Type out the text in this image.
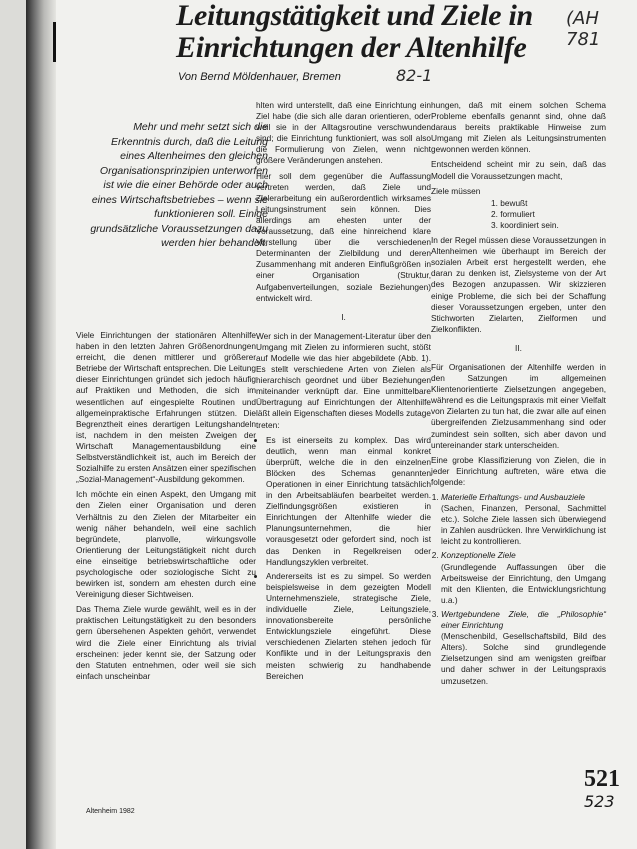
Leitungstätigkeit und Ziele in
Einrichtungen der Altenhilfe
(AH 781
Von Bernd Möldenhauer, Bremen	82-1

Mehr und mehr setzt sich die Erkenntnis durch, daß die Leitung eines Altenheimes den gleichen Organisationsprinzipien unterworfen ist wie die einer Behörde oder auch eines Wirtschaftsbetriebes – wenn sie funktionieren soll. Einige grundsätzliche Voraussetzungen dazu werden hier behandelt.

Viele Einrichtungen der stationären Altenhilfe haben in den letzten Jahren Größenordnungen erreicht, die denen mittlerer und größerer Betriebe der Wirtschaft entsprechen. Die Leitung dieser Einrichtungen gründet sich jedoch häufig auf Praktiken und Methoden, die sich im wesentlichen auf eingespielte Routinen und allgemeinpraktische Erfahrungen stützen. Die Begrenztheit eines derartigen Leitungshandeln ist, nachdem in den meisten Zweigen der Wirtschaft Managementausbildung eine Selbstverständlichkeit ist, auch im Bereich der Sozialhilfe zu ersten Ansätzen einer spezifischen „Sozial-Management“-Ausbildung gekommen.

Ich möchte ein einen Aspekt, den Umgang mit den Zielen einer Organisation und deren Verhältnis zu den Zielen der Mitarbeiter ein wenig näher behandeln, weil eine sachlich begründete, planvolle, wirkungsvolle Orientierung der Leitungstätigkeit nicht durch eine einseitige betriebswirtschaftliche oder psychologische oder soziologische Sicht zu bewirken ist, sondern am ehesten durch eine Vereinigung dieser Sichtweisen.

Das Thema Ziele wurde gewählt, weil es in der praktischen Leitungstätigkeit zu den besonders gern übersehenen Aspekten gehört, verwendet wird die Ziele einer Einrichtung als trivial erscheinen: jeder kennt sie, der Satzung oder den Statuten entnehmen, oder weil sie sich einfach unscheinbar

hlten wird unterstellt, daß eine Einrichtung ein Ziel habe (die sich alle daran orientieren, oder weil sie in der Alltagsroutine verschwunden sind; die Einrichtung funktioniert, was soll also die Formulierung von Zielen, wenn nicht größere Veränderungen anstehen.

Hier soll dem gegenüber die Auffassung vertreten werden, daß Ziele und Zielerarbeitung ein außerordentlich wirksames Leitungsinstrument sein können. Dies allerdings am ehesten unter der Voraussetzung, daß eine hinreichend klare Vorstellung über die verschiedenen Determinanten der Zielbildung und deren Zusammenhang mit anderen Einflußgrößen in einer Organisation (Struktur, Aufgabenverteilungen, soziale Beziehungen) entwickelt wird.

I.

Wer sich in der Management-Literatur über den Umgang mit Zielen zu informieren sucht, stößt auf Modelle wie das hier abgebildete (Abb. 1). Es stellt verschiedene Arten von Zielen als hierarchisch geordnet und über Beziehungen miteinander verknüpft dar. Eine unmittelbare Übertragung auf Einrichtungen der Altenhilfe läßt allein Eigenschaften dieses Modells zutage treten:

• Es ist einerseits zu komplex. Das wird deutlich, wenn man einmal konkret überprüft, welche die in den einzelnen Blöcken des Schemas genannten Operationen in einer Einrichtung tatsächlich in den Arbeitsabläufen bearbeitet werden. Zielfindungsgrößen existieren in Einrichtungen der Altenhilfe wieder die Planungsunternehmen, die hier vorausgesetzt oder gefordert sind, noch ist das Denken in Regelkreisen oder Handlungszyklen verbreitet.
• Andererseits ist es zu simpel. So werden beispielsweise in dem gezeigten Modell Unternehmensziele, strategische Ziele, individuelle Ziele, Leitungsziele, innovationsbereite persönliche Entwicklungsziele eingeführt. Diese verschiedenen Zielarten stehen jedoch für Konflikte und in der Leitungspraxis den meisten schwierig zu handhabende Bereichen

hungen, daß mit einem solchen Schema Probleme ebenfalls genannt sind, ohne daß daraus bereits praktikable Hinweise zum Umgang mit Zielen als Leitungsinstrumenten gewonnen werden können.

Entscheidend scheint mir zu sein, daß das Modell die Voraussetzungen macht,

Ziele müssen

1. bewußt
2. formuliert
3. koordiniert sein.

In der Regel müssen diese Voraussetzungen in Altenheimen wie überhaupt im Bereich der sozialen Arbeit erst hergestellt werden, ehe daran zu denken ist, Zielsysteme von der Art des Bezogen anzupassen. Wir skizzieren einige Probleme, die sich bei der Schaffung dieser Voraussetzungen ergeben, unter den Stichworten Zielarten, Zielformen und Zielkonflikten.

II.

Für Organisationen der Altenhilfe werden in den Satzungen im allgemeinen Klientenorientierte Zielsetzungen angegeben, während es die Leitungspraxis mit einer Vielfalt von Zielarten zu tun hat, die zwar alle auf einen übergreifenden Zielzusammenhang sind oder zumindest sein sollten, sich aber davon und untereinander stark unterscheiden.

Eine grobe Klassifizierung von Zielen, die in jeder Einrichtung auftreten, wäre etwa die folgende:

1. Materielle Erhaltungs- und Ausbauziele
(Sachen, Finanzen, Personal, Sachmittel etc.). Solche Ziele lassen sich überwiegend in Zahlen ausdrücken. Ihre Verwirklichung ist leicht zu kontrollieren.
2. Konzeptionelle Ziele
(Grundlegende Auffassungen über die Arbeitsweise der Einrichtung, den Umgang mit den Klienten, die Entwicklungsrichtung u.a.)
3. Wertgebundene Ziele, die „Philosophie“ einer Einrichtung
(Menschenbild, Gesellschaftsbild, Bild des Alters). Solche sind grundlegende Zielsetzungen sind am wenigsten greifbar und daher schwer in der Leitungspraxis umzusetzen.
Altenheim 1982
521
523
